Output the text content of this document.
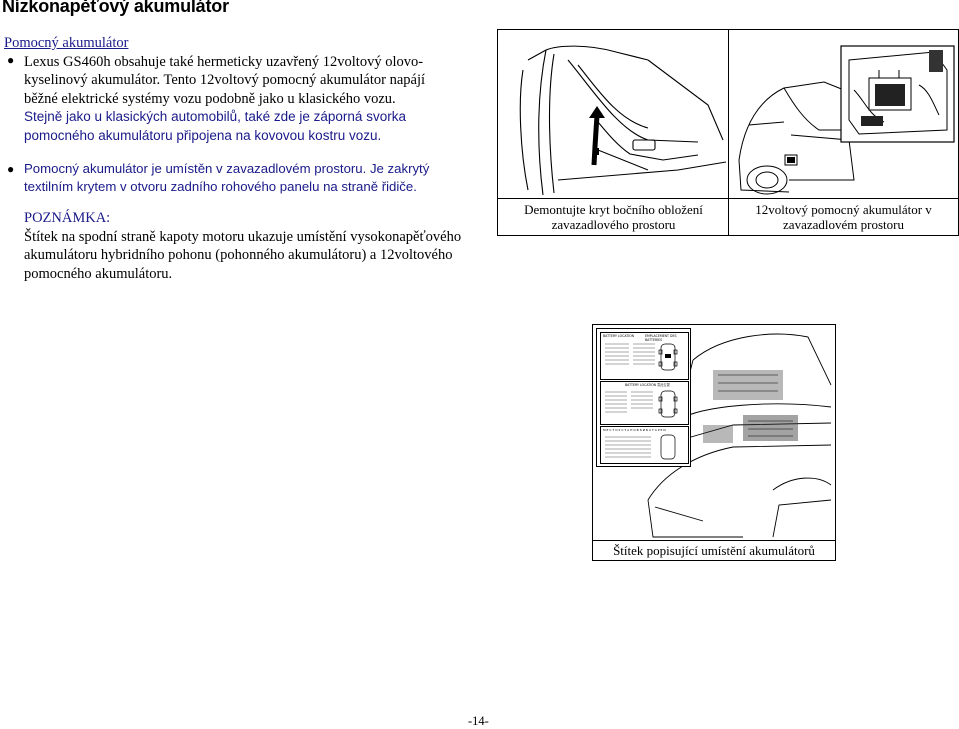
Nízkonapěťový akumulátor
Pomocný akumulátor
● Lexus GS460h obsahuje také hermeticky uzavřený 12voltový olovo-
kyselinový akumulátor. Tento 12voltový pomocný akumulátor napájí
běžné elektrické systémy vozu podobně jako u klasického vozu.
Stejně jako u klasických automobilů, také zde je záporná svorka
pomocného akumulátoru připojena na kovovou kostru vozu.
● Pomocný akumulátor je umístěn v zavazadlovém prostoru. Je zakrytý
textilním krytem v otvoru zadního rohového panelu na straně řidiče.
POZNÁMKA:
Štítek na spodní straně kapoty motoru ukazuje umístění vysokonapěťového
akumulátoru hybridního pohonu (pohonného akumulátoru) a 12voltového
pomocného akumulátoru.
Demontujte kryt bočního obložení
zavazadlového prostoru
12voltový pomocný akumulátor v
zavazadlovém prostoru
BATTERY LOCATION	EMPLACEMENT DES BATTERIES
BATTERY LOCATION 電池位置
М Е С Т О У С Т А Н О В К И Б А Т А Р Е И
Štítek popisující umístění akumulátorů
-14-
